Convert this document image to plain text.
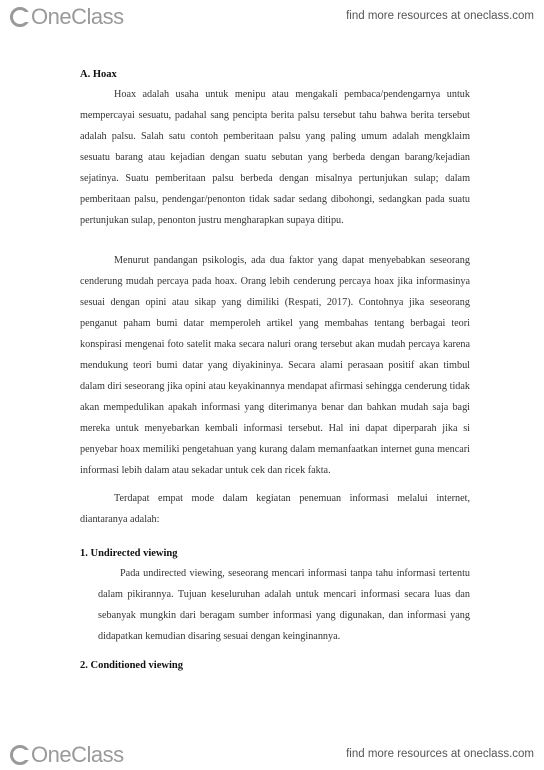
OneClass	find more resources at oneclass.com
A. Hoax
Hoax adalah usaha untuk menipu atau mengakali pembaca/pendengarnya untuk mempercayai sesuatu, padahal sang pencipta berita palsu tersebut tahu bahwa berita tersebut adalah palsu. Salah satu contoh pemberitaan palsu yang paling umum adalah mengklaim sesuatu barang atau kejadian dengan suatu sebutan yang berbeda dengan barang/kejadian sejatinya. Suatu pemberitaan palsu berbeda dengan misalnya pertunjukan sulap; dalam pemberitaan palsu, pendengar/penonton tidak sadar sedang dibohongi, sedangkan pada suatu pertunjukan sulap, penonton justru mengharapkan supaya ditipu.
Menurut pandangan psikologis, ada dua faktor yang dapat menyebabkan seseorang cenderung mudah percaya pada hoax. Orang lebih cenderung percaya hoax jika informasinya sesuai dengan opini atau sikap yang dimiliki (Respati, 2017). Contohnya jika seseorang penganut paham bumi datar memperoleh artikel yang membahas tentang berbagai teori konspirasi mengenai foto satelit maka secara naluri orang tersebut akan mudah percaya karena mendukung teori bumi datar yang diyakininya. Secara alami perasaan positif akan timbul dalam diri seseorang jika opini atau keyakinannya mendapat afirmasi sehingga cenderung tidak akan mempedulikan apakah informasi yang diterimanya benar dan bahkan mudah saja bagi mereka untuk menyebarkan kembali informasi tersebut. Hal ini dapat diperparah jika si penyebar hoax memiliki pengetahuan yang kurang dalam memanfaatkan internet guna mencari informasi lebih dalam atau sekadar untuk cek dan ricek fakta.
Terdapat empat mode dalam kegiatan penemuan informasi melalui internet, diantaranya adalah:
1. Undirected viewing
Pada undirected viewing, seseorang mencari informasi tanpa tahu informasi tertentu dalam pikirannya. Tujuan keseluruhan adalah untuk mencari informasi secara luas dan sebanyak mungkin dari beragam sumber informasi yang digunakan, dan informasi yang didapatkan kemudian disaring sesuai dengan keinginannya.
2. Conditioned viewing
OneClass	find more resources at oneclass.com
